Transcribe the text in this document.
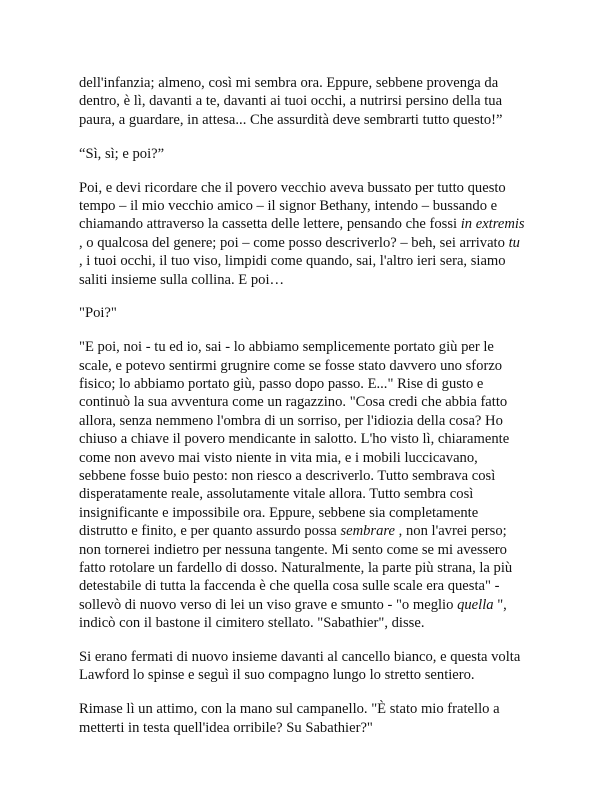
dell'infanzia; almeno, così mi sembra ora. Eppure, sebbene provenga da
dentro, è lì, davanti a te, davanti ai tuoi occhi, a nutrirsi persino della tua
paura, a guardare, in attesa... Che assurdità deve sembrarti tutto questo!”
“Sì, sì; e poi?”
Poi, e devi ricordare che il povero vecchio aveva bussato per tutto questo
tempo – il mio vecchio amico – il signor Bethany, intendo – bussando e
chiamando attraverso la cassetta delle lettere, pensando che fossi in extremis
, o qualcosa del genere; poi – come posso descriverlo? – beh, sei arrivato tu
, i tuoi occhi, il tuo viso, limpidi come quando, sai, l'altro ieri sera, siamo
saliti insieme sulla collina. E poi…
"Poi?"
"E poi, noi - tu ed io, sai - lo abbiamo semplicemente portato giù per le
scale, e potevo sentirmi grugnire come se fosse stato davvero uno sforzo
fisico; lo abbiamo portato giù, passo dopo passo. E..." Rise di gusto e
continuò la sua avventura come un ragazzino. "Cosa credi che abbia fatto
allora, senza nemmeno l'ombra di un sorriso, per l'idiozia della cosa? Ho
chiuso a chiave il povero mendicante in salotto. L'ho visto lì, chiaramente
come non avevo mai visto niente in vita mia, e i mobili luccicavano,
sebbene fosse buio pesto: non riesco a descriverlo. Tutto sembrava così
disperatamente reale, assolutamente vitale allora. Tutto sembra così
insignificante e impossibile ora. Eppure, sebbene sia completamente
distrutto e finito, e per quanto assurdo possa sembrare , non l'avrei perso;
non tornerei indietro per nessuna tangente. Mi sento come se mi avessero
fatto rotolare un fardello di dosso. Naturalmente, la parte più strana, la più
detestabile di tutta la faccenda è che quella cosa sulle scale era questa" -
sollevò di nuovo verso di lei un viso grave e smunto - "o meglio quella ",
indicò con il bastone il cimitero stellato. "Sabathier", disse.
Si erano fermati di nuovo insieme davanti al cancello bianco, e questa volta
Lawford lo spinse e seguì il suo compagno lungo lo stretto sentiero.
Rimase lì un attimo, con la mano sul campanello. "È stato mio fratello a
metterti in testa quell'idea orribile? Su Sabathier?"
